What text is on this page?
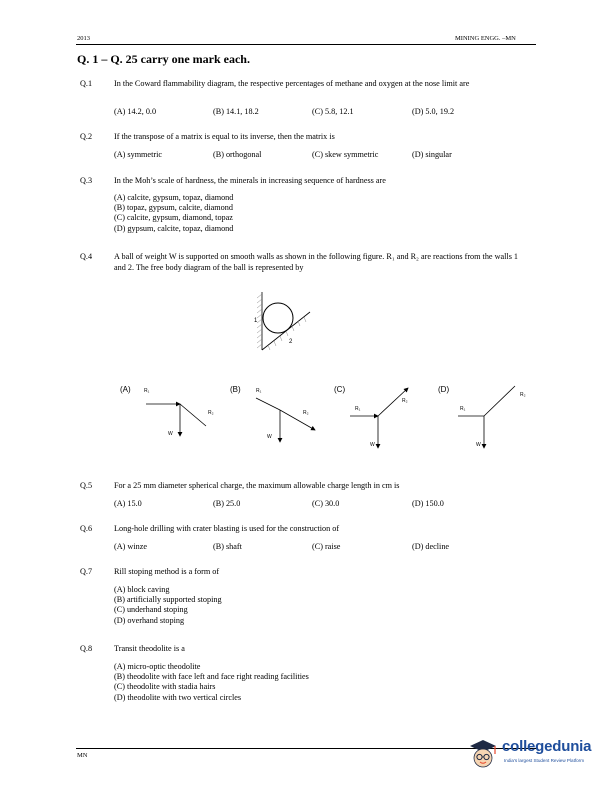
2013	MINING ENGG. –MN
Q. 1 – Q. 25 carry one mark each.
Q.1	In the Coward flammability diagram, the respective percentages of methane and oxygen at the nose limit are
(A) 14.2, 0.0	(B) 14.1, 18.2	(C) 5.8, 12.1	(D) 5.0, 19.2
Q.2	If the transpose of a matrix is equal to its inverse, then the matrix is
(A) symmetric	(B) orthogonal	(C) skew symmetric	(D) singular
Q.3	In the Moh’s scale of hardness, the minerals in increasing sequence of hardness are
(A) calcite, gypsum, topaz, diamond
(B) topaz, gypsum, calcite, diamond
(C) calcite, gypsum, diamond, topaz
(D) gypsum, calcite, topaz, diamond
Q.4	A ball of weight W is supported on smooth walls as shown in the following figure. R₁ and R₂ are reactions from the walls 1 and 2. The free body diagram of the ball is represented by
1
2
(A)	R₁
R₂
W
(B)	R₁
R₂
W
(C)
R₁
R₂
W
(D)
R₁
R₂
W
Q.5	For a 25 mm diameter spherical charge, the maximum allowable charge length in cm is
(A) 15.0	(B) 25.0	(C) 30.0	(D) 150.0
Q.6	Long-hole drilling with crater blasting is used for the construction of
(A) winze	(B) shaft	(C) raise	(D) decline
Q.7	Rill stoping method is a form of
(A) block caving
(B) artificially supported stoping
(C) underhand stoping
(D) overhand stoping
Q.8	Transit theodolite is a
(A) micro-optic theodolite
(B) theodolite with face left and face right reading facilities
(C) theodolite with stadia hairs
(D) theodolite with two vertical circles
MN
collegedunia
India's largest Student Review Platform
